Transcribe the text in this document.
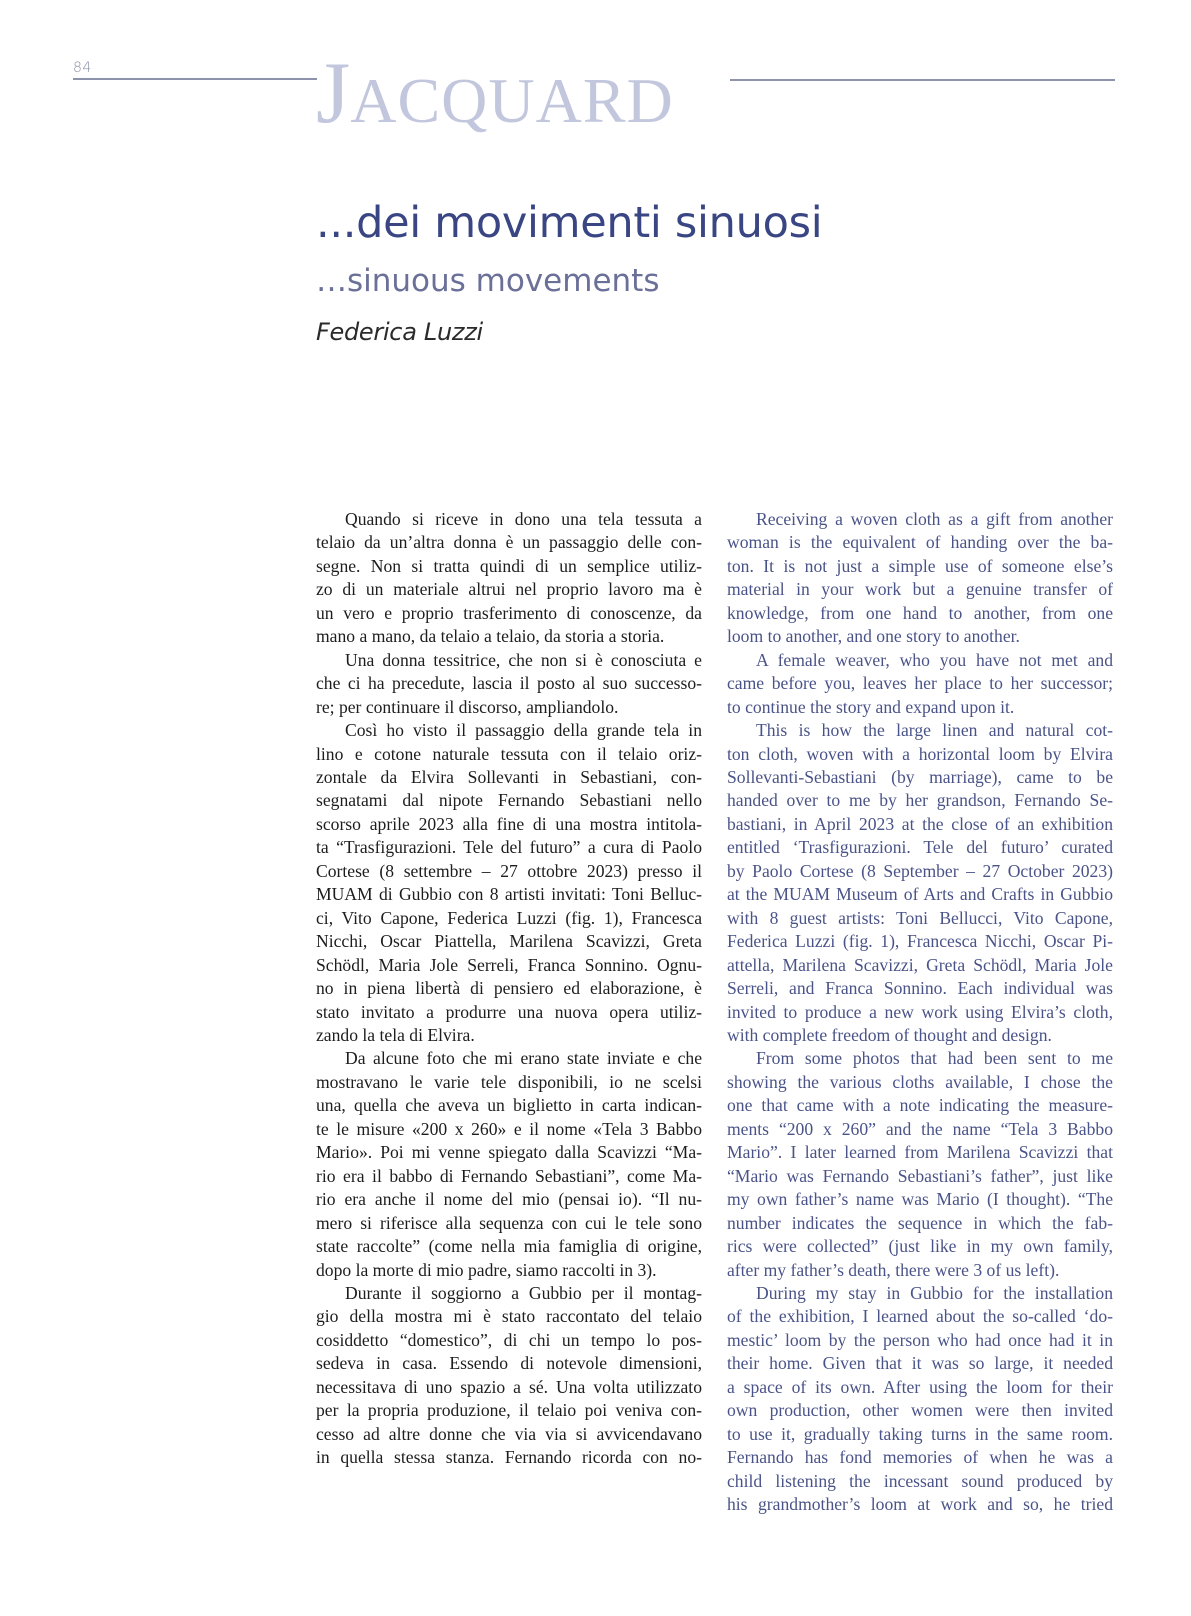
84	JACQUARD
...dei movimenti sinuosi
…sinuous movements
Federica Luzzi
Quando si riceve in dono una tela tessuta a
telaio da un’altra donna è un passaggio delle con-
segne. Non si tratta quindi di un semplice utiliz-
zo di un materiale altrui nel proprio lavoro ma è
un vero e proprio trasferimento di conoscenze, da
mano a mano, da telaio a telaio, da storia a storia.
Una donna tessitrice, che non si è conosciuta e
che ci ha precedute, lascia il posto al suo successo-
re; per continuare il discorso, ampliandolo.
Così ho visto il passaggio della grande tela in
lino e cotone naturale tessuta con il telaio oriz-
zontale da Elvira Sollevanti in Sebastiani, con-
segnatami dal nipote Fernando Sebastiani nello
scorso aprile 2023 alla fine di una mostra intitola-
ta “Trasfigurazioni. Tele del futuro” a cura di Paolo
Cortese (8 settembre – 27 ottobre 2023) presso il
MUAM di Gubbio con 8 artisti invitati: Toni Belluc-
ci, Vito Capone, Federica Luzzi (fig. 1), Francesca
Nicchi, Oscar Piattella, Marilena Scavizzi, Greta
Schödl, Maria Jole Serreli, Franca Sonnino. Ognu-
no in piena libertà di pensiero ed elaborazione, è
stato invitato a produrre una nuova opera utiliz-
zando la tela di Elvira.
Da alcune foto che mi erano state inviate e che
mostravano le varie tele disponibili, io ne scelsi
una, quella che aveva un biglietto in carta indican-
te le misure «200 x 260» e il nome «Tela 3 Babbo
Mario». Poi mi venne spiegato dalla Scavizzi “Ma-
rio era il babbo di Fernando Sebastiani”, come Ma-
rio era anche il nome del mio (pensai io). “Il nu-
mero si riferisce alla sequenza con cui le tele sono
state raccolte” (come nella mia famiglia di origine,
dopo la morte di mio padre, siamo raccolti in 3).
Durante il soggiorno a Gubbio per il montag-
gio della mostra mi è stato raccontato del telaio
cosiddetto “domestico”, di chi un tempo lo pos-
sedeva in casa. Essendo di notevole dimensioni,
necessitava di uno spazio a sé. Una volta utilizzato
per la propria produzione, il telaio poi veniva con-
cesso ad altre donne che via via si avvicendavano
in quella stessa stanza. Fernando ricorda con no-
Receiving a woven cloth as a gift from another
woman is the equivalent of handing over the ba-
ton. It is not just a simple use of someone else’s
material in your work but a genuine transfer of
knowledge, from one hand to another, from one
loom to another, and one story to another.
A female weaver, who you have not met and
came before you, leaves her place to her successor;
to continue the story and expand upon it.
This is how the large linen and natural cot-
ton cloth, woven with a horizontal loom by Elvira
Sollevanti-Sebastiani (by marriage), came to be
handed over to me by her grandson, Fernando Se-
bastiani, in April 2023 at the close of an exhibition
entitled ‘Trasfigurazioni. Tele del futuro’ curated
by Paolo Cortese (8 September – 27 October 2023)
at the MUAM Museum of Arts and Crafts in Gubbio
with 8 guest artists: Toni Bellucci, Vito Capone,
Federica Luzzi (fig. 1), Francesca Nicchi, Oscar Pi-
attella, Marilena Scavizzi, Greta Schödl, Maria Jole
Serreli, and Franca Sonnino. Each individual was
invited to produce a new work using Elvira’s cloth,
with complete freedom of thought and design.
From some photos that had been sent to me
showing the various cloths available, I chose the
one that came with a note indicating the measure-
ments “200 x 260” and the name “Tela 3 Babbo
Mario”. I later learned from Marilena Scavizzi that
“Mario was Fernando Sebastiani’s father”, just like
my own father’s name was Mario (I thought). “The
number indicates the sequence in which the fab-
rics were collected” (just like in my own family,
after my father’s death, there were 3 of us left).
During my stay in Gubbio for the installation
of the exhibition, I learned about the so-called ‘do-
mestic’ loom by the person who had once had it in
their home. Given that it was so large, it needed
a space of its own. After using the loom for their
own production, other women were then invited
to use it, gradually taking turns in the same room.
Fernando has fond memories of when he was a
child listening the incessant sound produced by
his grandmother’s loom at work and so, he tried
